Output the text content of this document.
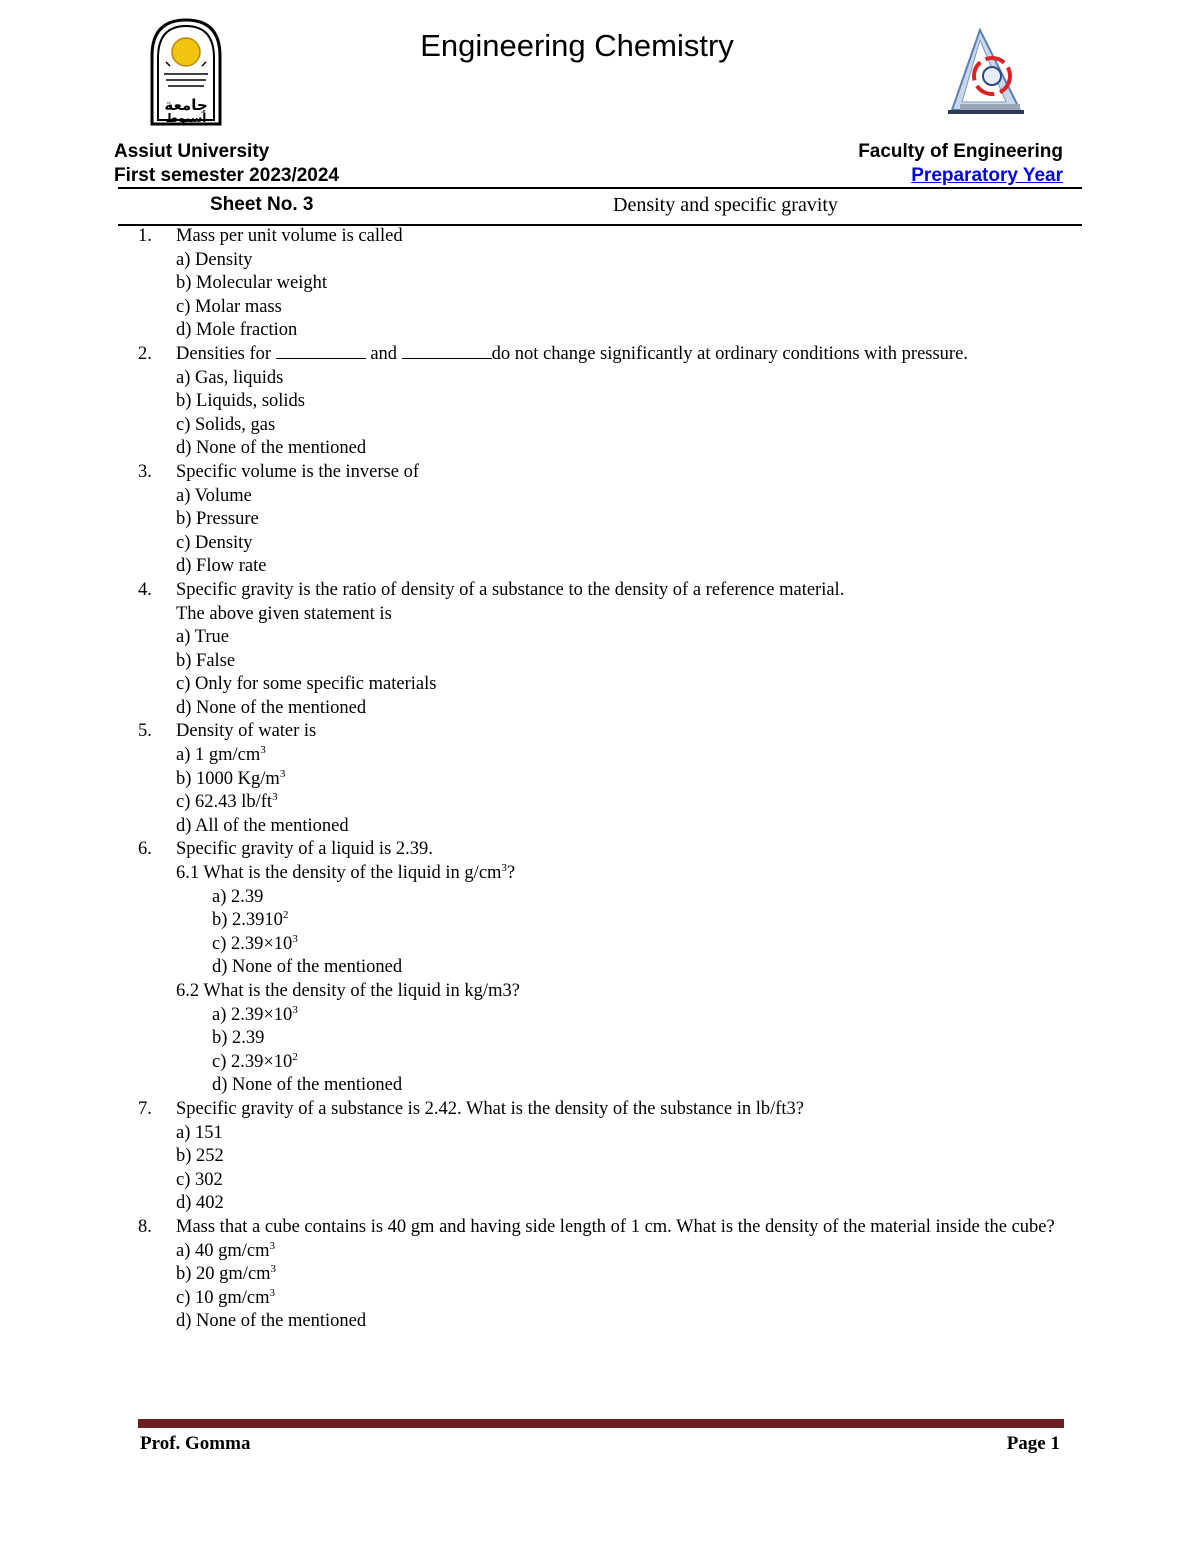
جامعة
أسيوط
Engineering Chemistry
Assiut University
First semester 2023/2024
Faculty of Engineering
Preparatory Year
Sheet No. 3	Density and specific gravity
1.	Mass per unit volume is called
a) Density
b) Molecular weight
c) Molar mass
d) Mole fraction
2.	Densities for	and	do not change significantly at ordinary conditions with pressure.
a) Gas, liquids
b) Liquids, solids
c) Solids, gas
d) None of the mentioned
3.	Specific volume is the inverse of
a) Volume
b) Pressure
c) Density
d) Flow rate
4.	Specific gravity is the ratio of density of a substance to the density of a reference material.
The above given statement is
a) True
b) False
c) Only for some specific materials
d) None of the mentioned
5.	Density of water is
a) 1 $gm/cm^3$
b) 1000 $Kg/m^3$
c) 62.43 $lb/ft^3$
d) All of the mentioned
6.	Specific gravity of a liquid is 2.39.
6.1 What is the density of the liquid in $g/cm^3$?
a) 2.39
b) 2.3910$^2$
c) $2.39\times 10^3$
d) None of the mentioned
6.2 What is the density of the liquid in kg/m3?
a) $2.39\times 10^3$
b) 2.39
c) $2.39\times 10^2$
d) None of the mentioned
7.	Specific gravity of a substance is 2.42. What is the density of the substance in lb/ft3?
a) 151
b) 252
c) 302
d) 402
8.	Mass that a cube contains is 40 gm and having side length of 1 cm. What is the density of the material inside the cube?
a) 40 $gm/cm^3$
b) 20 $gm/cm^3$
c) 10 $gm/cm^3$
d) None of the mentioned
Prof. Gomma	Page 1
